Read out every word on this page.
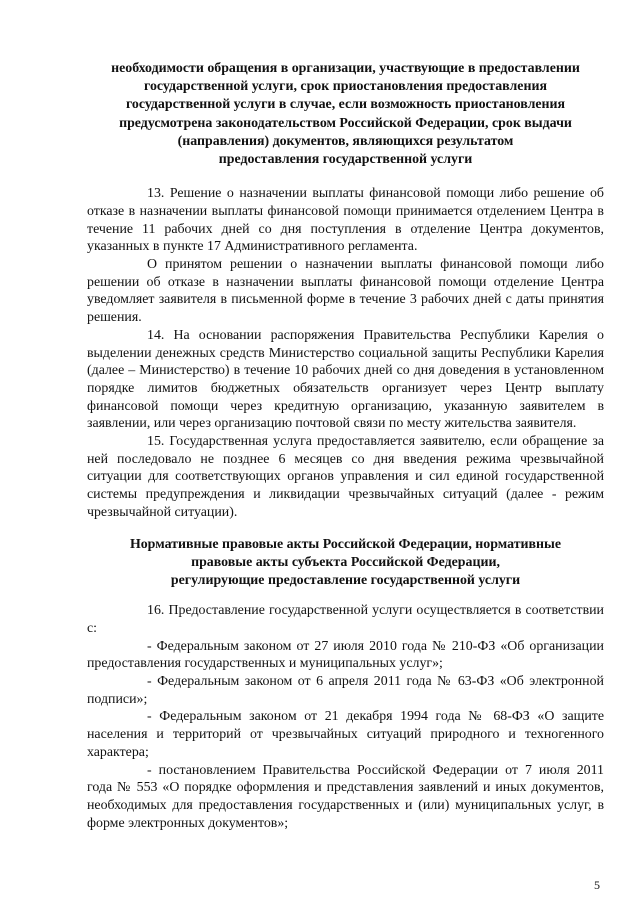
необходимости обращения в организации, участвующие в предоставлении
государственной услуги, срок приостановления предоставления
государственной услуги в случае, если возможность приостановления
предусмотрена законодательством Российской Федерации, срок выдачи
(направления) документов, являющихся результатом
предоставления государственной услуги

13. Решение о назначении выплаты финансовой помощи либо решение об отказе в назначении выплаты финансовой помощи принимается отделением Центра в течение 11 рабочих дней со дня поступления в отделение Центра документов, указанных в пункте 17 Административного регламента.

О принятом решении о назначении выплаты финансовой помощи либо решении об отказе в назначении выплаты финансовой помощи отделение Центра уведомляет заявителя в письменной форме в течение 3 рабочих дней с даты принятия решения.

14. На основании распоряжения Правительства Республики Карелия о выделении денежных средств Министерство социальной защиты Республики Карелия (далее – Министерство) в течение 10 рабочих дней со дня доведения в установленном порядке лимитов бюджетных обязательств организует через Центр выплату финансовой помощи через кредитную организацию, указанную заявителем в заявлении, или через организацию почтовой связи по месту жительства заявителя.

15. Государственная услуга предоставляется заявителю, если обращение за ней последовало не позднее 6 месяцев со дня введения режима чрезвычайной ситуации для соответствующих органов управления и сил единой государственной системы предупреждения и ликвидации чрезвычайных ситуаций (далее - режим чрезвычайной ситуации).

Нормативные правовые акты Российской Федерации, нормативные
правовые акты субъекта Российской Федерации,
регулирующие предоставление государственной услуги

16. Предоставление государственной услуги осуществляется в соответствии с:

- Федеральным законом от 27 июля 2010 года № 210-ФЗ «Об организации предоставления государственных и муниципальных услуг»;

- Федеральным законом от 6 апреля 2011 года № 63-ФЗ «Об электронной подписи»;

- Федеральным законом от 21 декабря 1994 года № 68-ФЗ «О защите населения и территорий от чрезвычайных ситуаций природного и техногенного характера;

- постановлением Правительства Российской Федерации от 7 июля 2011 года № 553 «О порядке оформления и представления заявлений и иных документов, необходимых для предоставления государственных и (или) муниципальных услуг, в форме электронных документов»;

5
